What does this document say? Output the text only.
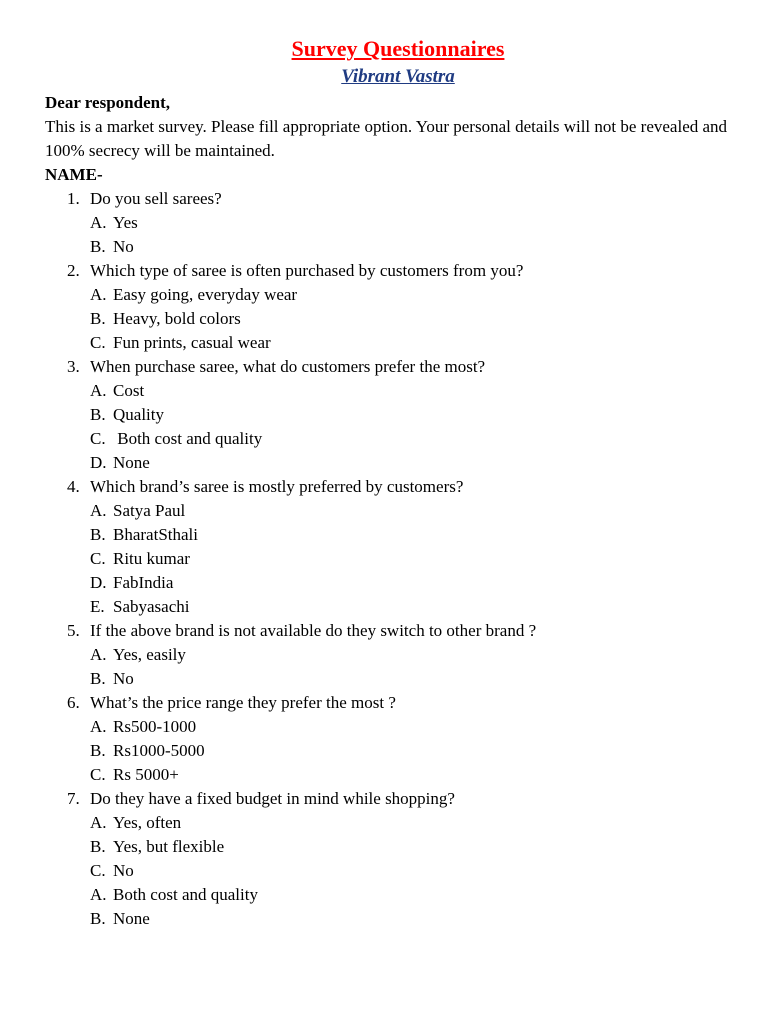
Survey Questionnaires
Vibrant Vastra
Dear respondent,
This is a market survey. Please fill appropriate option. Your personal details will not be revealed and 100% secrecy will be maintained.
NAME-
1. Do you sell sarees?
A. Yes
B. No
2. Which type of saree is often purchased by customers from you?
A. Easy going, everyday wear
B. Heavy, bold colors
C. Fun prints, casual wear
3. When purchase saree, what do customers prefer the most?
A. Cost
B. Quality
C. Both cost and quality
D. None
4. Which brand’s saree is mostly preferred by customers?
A. Satya Paul
B. BharatSthali
C. Ritu kumar
D. FabIndia
E. Sabyasachi
5. If the above brand is not available do they switch to other brand ?
A. Yes, easily
B. No
6. What’s the price range they prefer the most ?
A. Rs500-1000
B. Rs1000-5000
C. Rs 5000+
7. Do they have a fixed budget in mind while shopping?
A. Yes, often
B. Yes, but flexible
C. No
A. Both cost and quality
B. None
